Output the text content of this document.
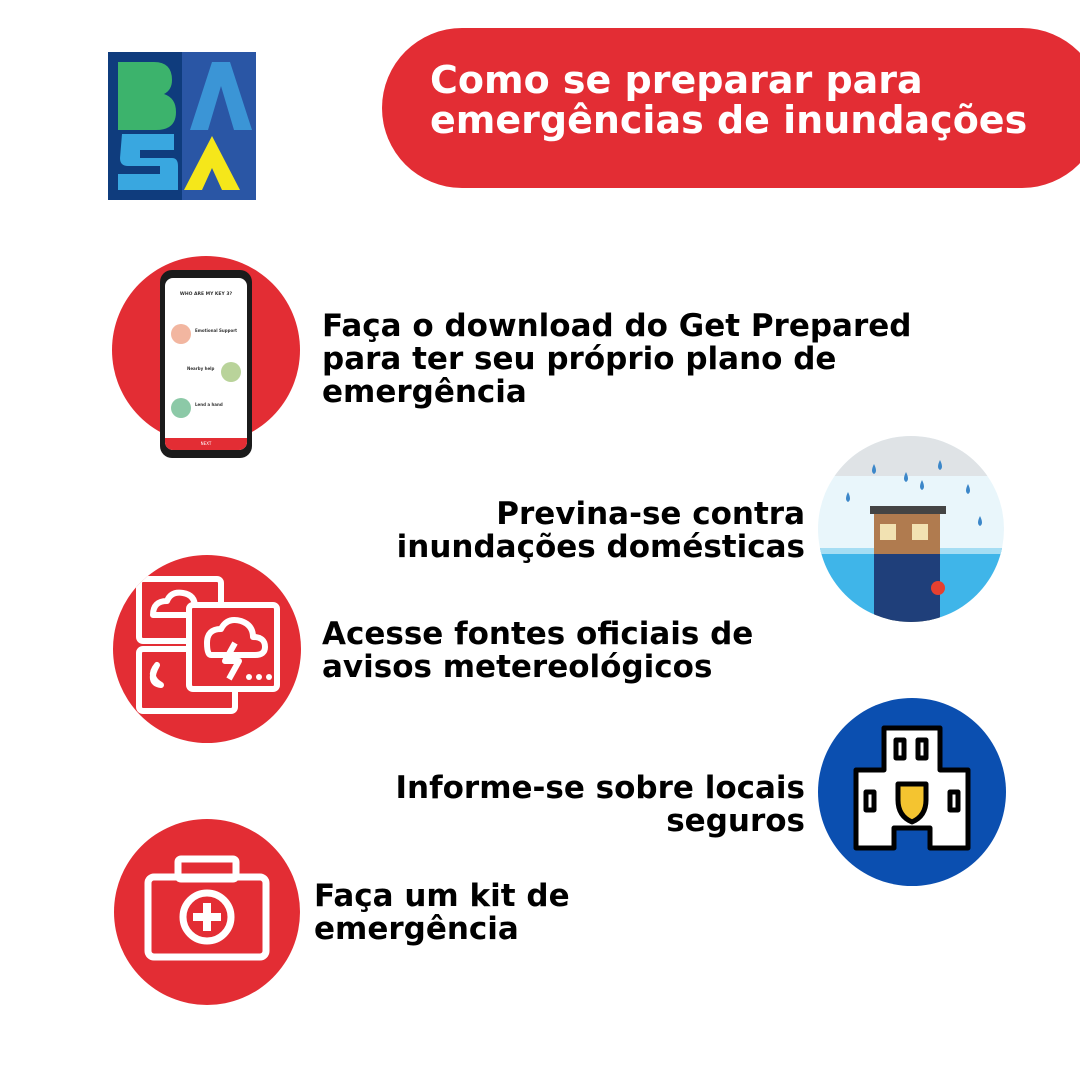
Como se preparar para
emergências de inundações
WHO ARE MY KEY 3?
Emotional Support
Nearby help
Lend a hand
NEXT
Faça o download do Get Prepared
para ter seu próprio plano de
emergência
Previna-se contra
inundações domésticas
Acesse fontes oficiais de
avisos metereológicos
Informe-se sobre locais
seguros
Faça um kit de
emergência
